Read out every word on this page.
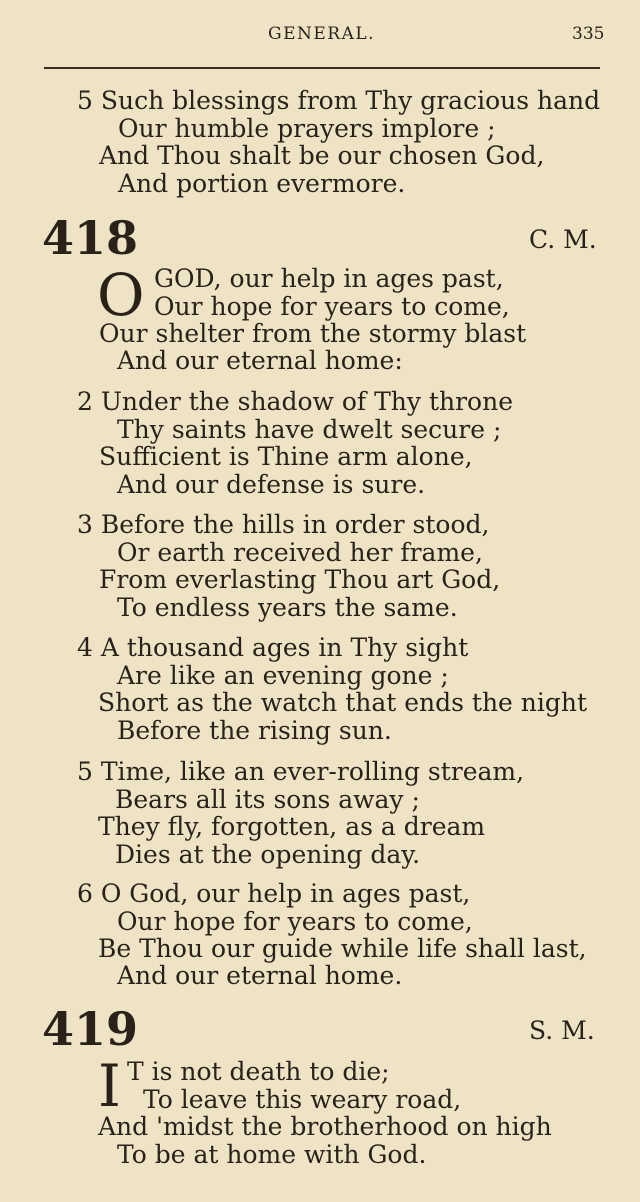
GENERAL.	335
5 Such blessings from Thy gracious hand
Our humble prayers implore ;
And Thou shalt be our chosen God,
And portion evermore.
418	C. M.
O GOD, our help in ages past,
Our hope for years to come,
Our shelter from the stormy blast
And our eternal home:
2 Under the shadow of Thy throne
Thy saints have dwelt secure ;
Sufficient is Thine arm alone,
And our defense is sure.
3 Before the hills in order stood,
Or earth received her frame,
From everlasting Thou art God,
To endless years the same.
4 A thousand ages in Thy sight
Are like an evening gone ;
Short as the watch that ends the night
Before the rising sun.
5 Time, like an ever-rolling stream,
Bears all its sons away ;
They fly, forgotten, as a dream
Dies at the opening day.
6 O God, our help in ages past,
Our hope for years to come,
Be Thou our guide while life shall last,
And our eternal home.
419	S. M.
I T is not death to die;
To leave this weary road,
And 'midst the brotherhood on high
To be at home with God.
